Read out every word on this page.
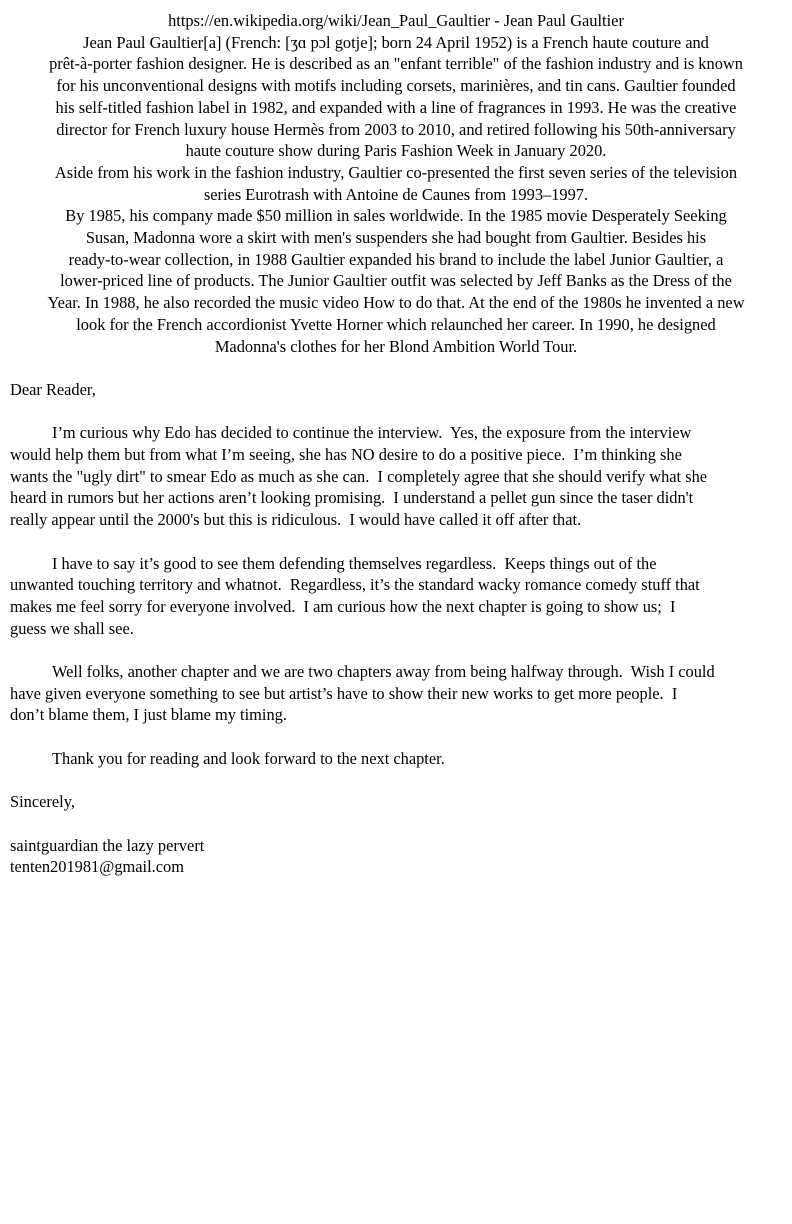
https://en.wikipedia.org/wiki/Jean_Paul_Gaultier - Jean Paul Gaultier
Jean Paul Gaultier[a] (French: [ʒɑ pɔl gotje]; born 24 April 1952) is a French haute couture and
prêt-à-porter fashion designer. He is described as an "enfant terrible" of the fashion industry and is known
for his unconventional designs with motifs including corsets, marinières, and tin cans. Gaultier founded
his self-titled fashion label in 1982, and expanded with a line of fragrances in 1993. He was the creative
director for French luxury house Hermès from 2003 to 2010, and retired following his 50th-anniversary
haute couture show during Paris Fashion Week in January 2020.
Aside from his work in the fashion industry, Gaultier co-presented the first seven series of the television
series Eurotrash with Antoine de Caunes from 1993–1997.
By 1985, his company made $50 million in sales worldwide. In the 1985 movie Desperately Seeking
Susan, Madonna wore a skirt with men's suspenders she had bought from Gaultier. Besides his
ready-to-wear collection, in 1988 Gaultier expanded his brand to include the label Junior Gaultier, a
lower-priced line of products. The Junior Gaultier outfit was selected by Jeff Banks as the Dress of the
Year. In 1988, he also recorded the music video How to do that. At the end of the 1980s he invented a new
look for the French accordionist Yvette Horner which relaunched her career. In 1990, he designed
Madonna's clothes for her Blond Ambition World Tour.
Dear Reader,
I’m curious why Edo has decided to continue the interview.  Yes, the exposure from the interview
would help them but from what I’m seeing, she has NO desire to do a positive piece.  I’m thinking she
wants the "ugly dirt" to smear Edo as much as she can.  I completely agree that she should verify what she
heard in rumors but her actions aren’t looking promising.  I understand a pellet gun since the taser didn't
really appear until the 2000's but this is ridiculous.  I would have called it off after that.
I have to say it’s good to see them defending themselves regardless.  Keeps things out of the
unwanted touching territory and whatnot.  Regardless, it’s the standard wacky romance comedy stuff that
makes me feel sorry for everyone involved.  I am curious how the next chapter is going to show us;  I
guess we shall see.
Well folks, another chapter and we are two chapters away from being halfway through.  Wish I could
have given everyone something to see but artist’s have to show their new works to get more people.  I
don’t blame them, I just blame my timing.
Thank you for reading and look forward to the next chapter.
Sincerely,
saintguardian the lazy pervert
tenten201981@gmail.com
